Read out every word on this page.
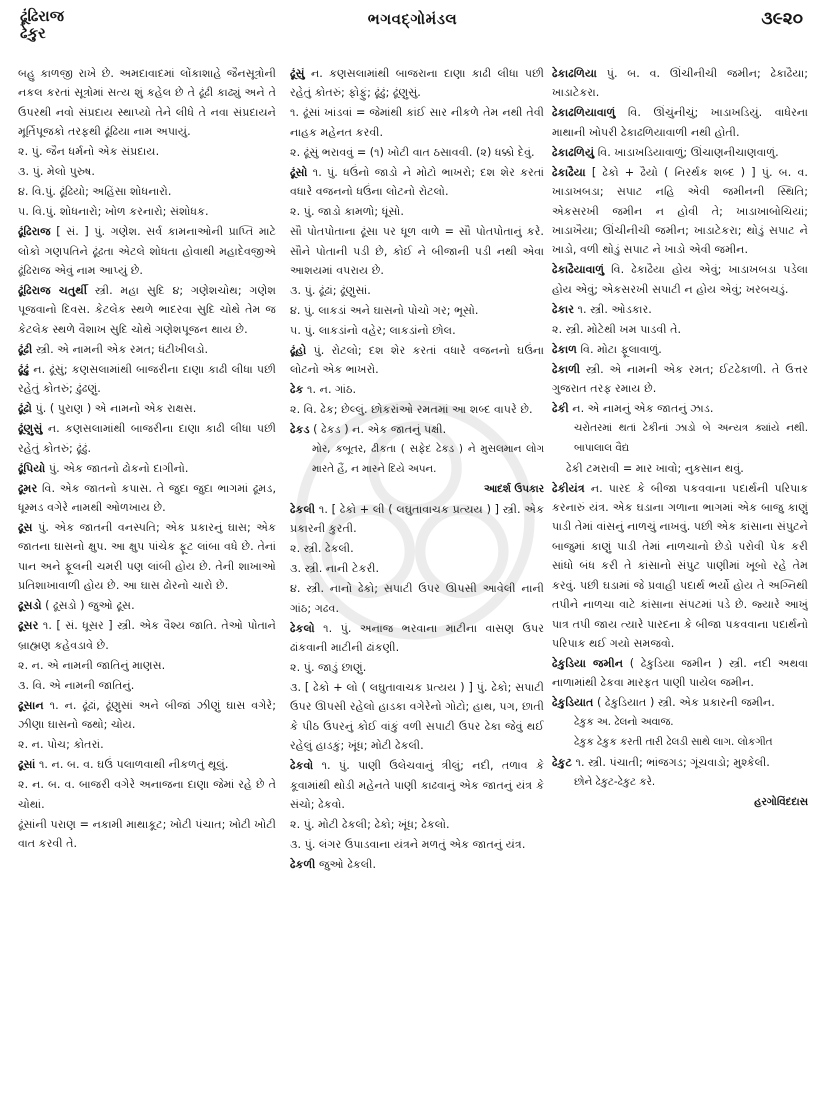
ઢૂંઢિરાજ
ઢેકુર
ભગવદ્ગોમંડલ	૩૯૨૦
બહુ કાળજી રાખે છે. અમદાવાદમાં લોંકાશાહે જૈનસૂત્રોની નકલ કરતાં સૂત્રોમાં સત્ય શું કહેલ છે તે ઢૂંઢી કાઢ્યું અને તે ઉપરથી નવો સંપ્રદાય સ્થાપ્યો તેને લીધે તે નવા સંપ્રદાયને મૂર્તિપૂજકો તરફથી ઢૂંઢિયા નામ અપાયું.
૨. પું. જૈન ધર્મનો એક સંપ્રદાય.
૩. પું. મેલો પુરુષ.
૪. વિ.પું. ઢૂંઢિયો; અહિંસા શોધનારો.
૫. વિ.પું. શોધનારો; ખોળ કરનારો; સંશોધક.
ઢૂંઢિરાજ [ સં. ] પું. ગણેશ. સર્વ કામનાઓની પ્રાપ્તિ માટે લોકો ગણપતિને ઢૂંઢતા એટલે શોધતા હોવાથી મહાદેવજીએ ઢૂંઢિરાજ એવું નામ આપ્યું છે.
ઢૂંઢિરાજ ચતુર્થી સ્ત્રી. મહા સુદિ ૪; ગણેશચોથ; ગણેશ પૂજવાનો દિવસ. કેટલેક સ્થળે ભાદરવા સુદિ ચોથે તેમ જ કેટલેક સ્થળે વૈશાખ સુદિ ચોથે ગણેશપૂજન થાય છે.
ઢૂંઢી સ્ત્રી. એ નામની એક રમત; ધંટીખીલડો.
ઢૂંઢું ન. ઢૂંસું; કણસલામાંથી બાજરીના દાણા કાઢી લીધા પછી રહેતું કોતરું; ઢુંઢણું.
ઢૂંઢો પું. ( પુરાણ ) એ નામનો એક રાક્ષસ.
ઢૂંણુસું ન. કણસલામાંથી બાજરીના દાણા કાઢી લીધા પછી રહેતું કોતરું; ઢૂંઢું.
ઢૂંપિયો પું. એક જાતનો ઢોકનો દાગીનો.
ઢૂમર વિ. એક જાતનો કપાસ. તે જુદા જુદા ભાગમાં ઢૂમડ, ધૂમ્મડ વગેરે નામથી ઓળખાય છે.
ઢૂસ પું. એક જાતની વનસ્પતિ; એક પ્રકારનું ઘાસ; એક જાતના ઘાસનો ક્ષુપ. આ ક્ષુપ પાંચેક ફૂટ લાંબા વધે છે. તેનાં પાન અને ફૂલની ચમરી પણ લાંબી હોય છે. તેની શાખાઓ પ્રતિશાખાવાળી હોય છે. આ ઘાસ ઢોરનો ચારો છે.
ઢૂસડો ( ઢૂસડો ) જુઓ ઢૂસ.
ઢૂસર ૧. [ સં. ધૂસર ] સ્ત્રી. એક વૈશ્ય જાતિ. તેઓ પોતાને બ્રાહ્મણ કહેવડાવે છે.
૨. ન. એ નામની જાતિનું માણસ.
૩. વિ. એ નામની જાતિનું.
ઢૂસાન ૧. ન. ઢૂંઢાં, ઢૂંણુસાં અને બીજાં ઝીણું ઘાસ વગેરે; ઝીણા ઘાસનો જથો; ચોય.
૨. ન. પોચ; કોતરાં.
ઢૂસાં ૧. ન. બ. વ. ઘઉં પલાળવાથી નીકળતું થૂલું.
૨. ન. બ. વ. બાજરી વગેરે અનાજના દાણા જેમાં રહે છે તે ચોથાં.
ઢૂંસાંની પરાણ = નકામી માથાકૂટ; ખોટી પંચાત; ખોટી ખોટી વાત કરવી તે.
ઢૂંસું ન. કણસલામાંથી બાજરાના દાણા કાઢી લીધા પછી રહેતું કોતરું; ફોફું; ઢૂંઢું; ઢૂંણુસું.
૧. ઢૂંસાં ખાંડવાં = જેમાંથી કાંઈ સાર નીકળે તેમ નથી તેવી નાહક મહેનત કરવી.
૨. ઢૂંસું ભરાવવું = (૧) ખોટી વાત ઠસાવવી. (૨) ધક્કો દેવું.
ઢૂંસો ૧. પું. ધઉંનો જાડો ને મોટો ભાખરો; દશ શેર કરતાં વધારે વજનનો ધઉંના લોટનો રોટલો.
૨. પું. જાડો કામળો; ધૂંસો.
સૌ પોતપોતાના ઢૂંસા પર ધૂળ વાળે = સૌ પોતપોતાનું કરે. સૌને પોતાની પડી છે, કોઈ ને બીજાની પડી નથી એવા આશયમાં વપરાય છે.
૩. પું. ઢૂંઢાં; ઢૂંણુસાં.
૪. પું. લાકડાં અને ઘાસનો પોચો ગર; ભૂસો.
૫. પું. લાકડાંનો વહેર; લાકડાંનો છોલ.
ઢૂંહો પું. રોટલો; દશ શેર કરતાં વધારે વજનનો ઘઉંના લોટનો એક ભાખરો.
ઢેક ૧. ન. ગાંઠ.
૨. વિ. ઢેક; છેલ્લું. છોકરાંઓ રમતમાં આ શબ્દ વાપરે છે.
ઢેકડ ( ઢેકડ ) ન. એક જાતનું પક્ષી.
મોર, કબૂતર, ઢીકતા ( સફેદ ઢેકડ ) ને મુસલમાન લોગ મારતે હૈં, ન મારને દિયે અપન.
આદર્શ ઉપકાર
ઢેકલી ૧. [ ઢેકો + લી ( લઘુતાવાચક પ્રત્યય ) ] સ્ત્રી. એક પ્રકારની કુરતી.
૨. સ્ત્રી. ઢેકલી.
૩. સ્ત્રી. નાની ટેકરી.
૪. સ્ત્રી. નાનો ઢેકો; સપાટી ઉપર ઊપસી આવેલી નાની ગાંઠ; ગઢવ.
ઢેકલો ૧. પું. અનાજ ભરવાના માટીના વાસણ ઉપર ઢાંકવાની માટીની ઢાંકણી.
૨. પું. જાડું છાણું.
૩. [ ઢેકો + લો ( લઘુતાવાચક પ્રત્યય ) ] પું. ઢેકો; સપાટી ઉપર ઊપસી રહેલો હાડકા વગેરેનો ગોટો; હાથ, પગ, છાતી કે પીઠ ઉપરનું કોઈ વાંકું વળી સપાટી ઉપર ઢેકા જેવું થઈ રહેલું હાડકું; ખૂંધ; મોટી ઢેકલી.
ઢેકવો ૧. પું. પાણી ઉલેચવાનું ત્રીલું; નદી, તળાવ કે કૂવામાંથી થોડી મહેનતે પાણી કાઢવાનું એક જાતનું યંત્ર કે સંચો; ઢેકવો.
૨. પું. મોટી ઢેકલી; ઢેકો; ખૂંધ; ઢેકલો.
૩. પું. લંગર ઉપાડવાના યંત્રને મળતું એક જાતનું યંત્ર.
ઢેકળી જુઓ ઢેકલી.
ઢેકાઢળિયા પું. બ. વ. ઊંચીનીચી જમીન; ઢેકાઢૈયા; ખાડાટેકરા.
ઢેકાઢળિયાવાળું વિ. ઊંચુંનીચું; ખાડાખડિયું. વાધેરના માથાની ખોપરી ઢેકાઢળિયાવાળી નથી હોતી.
ઢેકાઢળિયું વિ. ખાડાખડિયાવાળું; ઊંચાણનીચાણવાળું.
ઢેકાઢૈયા [ ઢેકો + ઢૈયો ( નિરર્થક શબ્દ ) ] પું. બ. વ. ખાડાખબડા; સપાટ નહિ એવી જમીનની સ્થિતિ; એકસરખી જમીન ન હોવી તે; ખાડાખાબોચિયાં; ખાડાખૈયા; ઊંચીનીચી જમીન; ખાડાટેકરા; થોડું સપાટ ને ખાડો, વળી થોડું સપાટ ને ખાડો એવી જમીન.
ઢેકાઢૈયાવાળું વિ. ઢેકાઢૈયા હોય એવું; ખાડાખબડા પડેલા હોય એવું; એકસરખી સપાટી ન હોય એવું; ખરબચડું.
ઢેકાર ૧. સ્ત્રી. ઓડકાર.
૨. સ્ત્રી. મોટેથી ખમ પાડવી તે.
ઢેકાળ વિ. મોટા ફૂલાવાળું.
ઢેકાળી સ્ત્રી. એ નામની એક રમત; ઈટઢેકાળી. તે ઉત્તર ગુજરાત તરફ રમાય છે.
ઢેકી ન. એ નામનું એક જાતનું ઝાડ.
ચરોતરમાં થતાં ઢેકીનાં ઝાડો બે અન્યત્ર ક્યાંયે નથી. બાપાલાલ વૈદ્ય
ઢેકી ટમરાવી = માર ખાવો; નુકસાન થવું.
ઢેકીયંત્ર ન. પારદ કે બીજા પકવવાના પદાર્થની પરિપાક કરનારું યંત્ર. એક ઘડાના ગળાના ભાગમાં એક બાજુ કાણું પાડી તેમાં વાંસનું નાળચું નાખવું. પછી એક કાંસાના સંપુટને બાજુમાં કાણું પાડી તેમાં નાળચાનો છેડો પરોવી પેક કરી સાંધો બંધ કરી તે કાંસાનો સંપુટ પાણીમાં ખૂબો રહે તેમ કરવું. પછી ઘડામાં જે પ્રવાહી પદાર્થ ભર્યો હોય તે અગ્નિથી તપીને નાળચા વાટે કાંસાના સંપટમાં પડે છે. જ્યારે આખું પાત્ર તપી જાય ત્યારે પારદના કે બીજા પકવવાના પદાર્થનો પરિપાક થઈ ગયો સમજવો.
ઢેકુડિયા જમીન ( ઢેકુડિયા જમીન ) સ્ત્રી. નદી અથવા નાળામાંથી ઢેકવા મારફત પાણી પાયેલ જમીન.
ઢેકુડિયાત ( ઢેકુડિયાત ) સ્ત્રી. એક પ્રકારની જમીન.
ઢેકુક અ. ઢેલનો અવાજ.
ઢેકુક ઢેકુક કરતી તારી ઢેલડી સાથે લાગ. લોકગીત
ઢેકુટ ૧. સ્ત્રી. પંચાતી; ભાંજગડ; ગૂંચવાડો; મુશ્કેલી.
છોને ઢેકુટ-ઢેકુટ કરે.
હરગોવિંદદાસ
